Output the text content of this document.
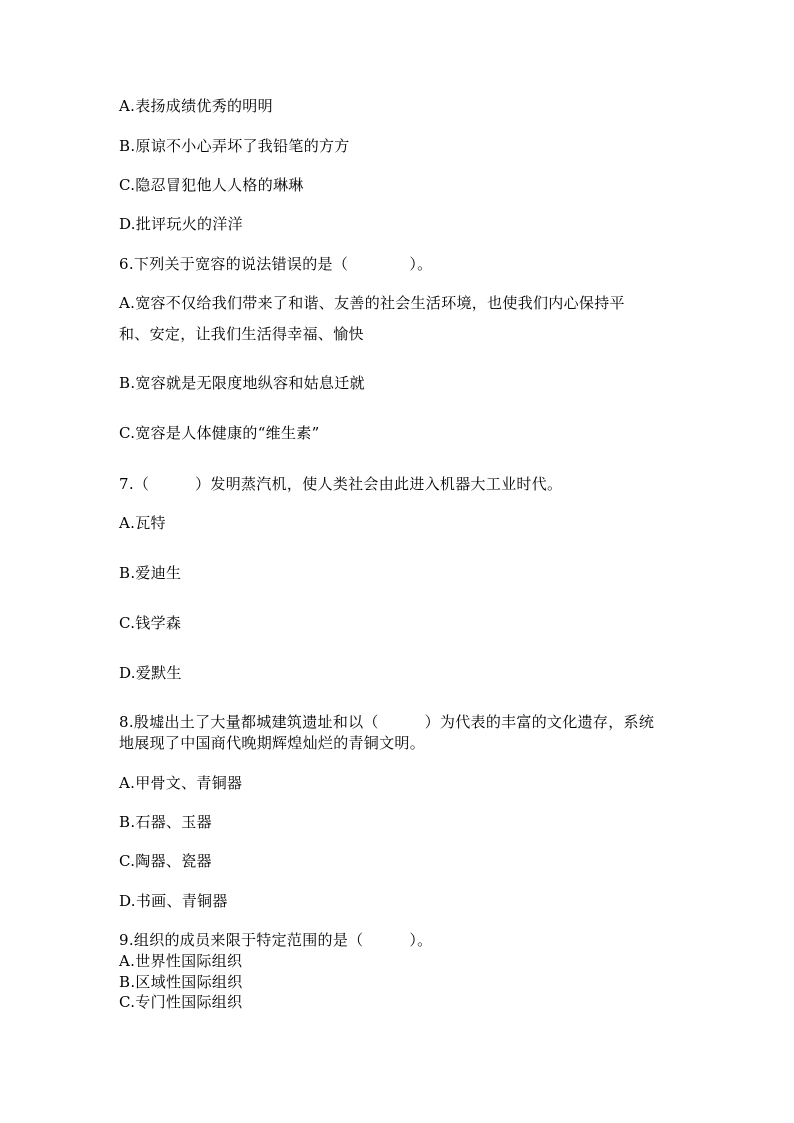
A.表扬成绩优秀的明明
B.原谅不小心弄坏了我铅笔的方方
C.隐忍冒犯他人人格的琳琳
D.批评玩火的洋洋
6.下列关于宽容的说法错误的是（　　　　）。
A.宽容不仅给我们带来了和谐、友善的社会生活环境，也使我们内心保持平
和、安定，让我们生活得幸福、愉快
B.宽容就是无限度地纵容和姑息迁就
C.宽容是人体健康的“维生素”
7.（　　　）发明蒸汽机，使人类社会由此进入机器大工业时代。
A.瓦特
B.爱迪生
C.钱学森
D.爱默生
8.殷墟出土了大量都城建筑遗址和以（　　　）为代表的丰富的文化遗存，系统
地展现了中国商代晚期辉煌灿烂的青铜文明。
A.甲骨文、青铜器
B.石器、玉器
C.陶器、瓷器
D.书画、青铜器
9.组织的成员来限于特定范围的是（　　　）。
A.世界性国际组织
B.区域性国际组织
C.专门性国际组织
